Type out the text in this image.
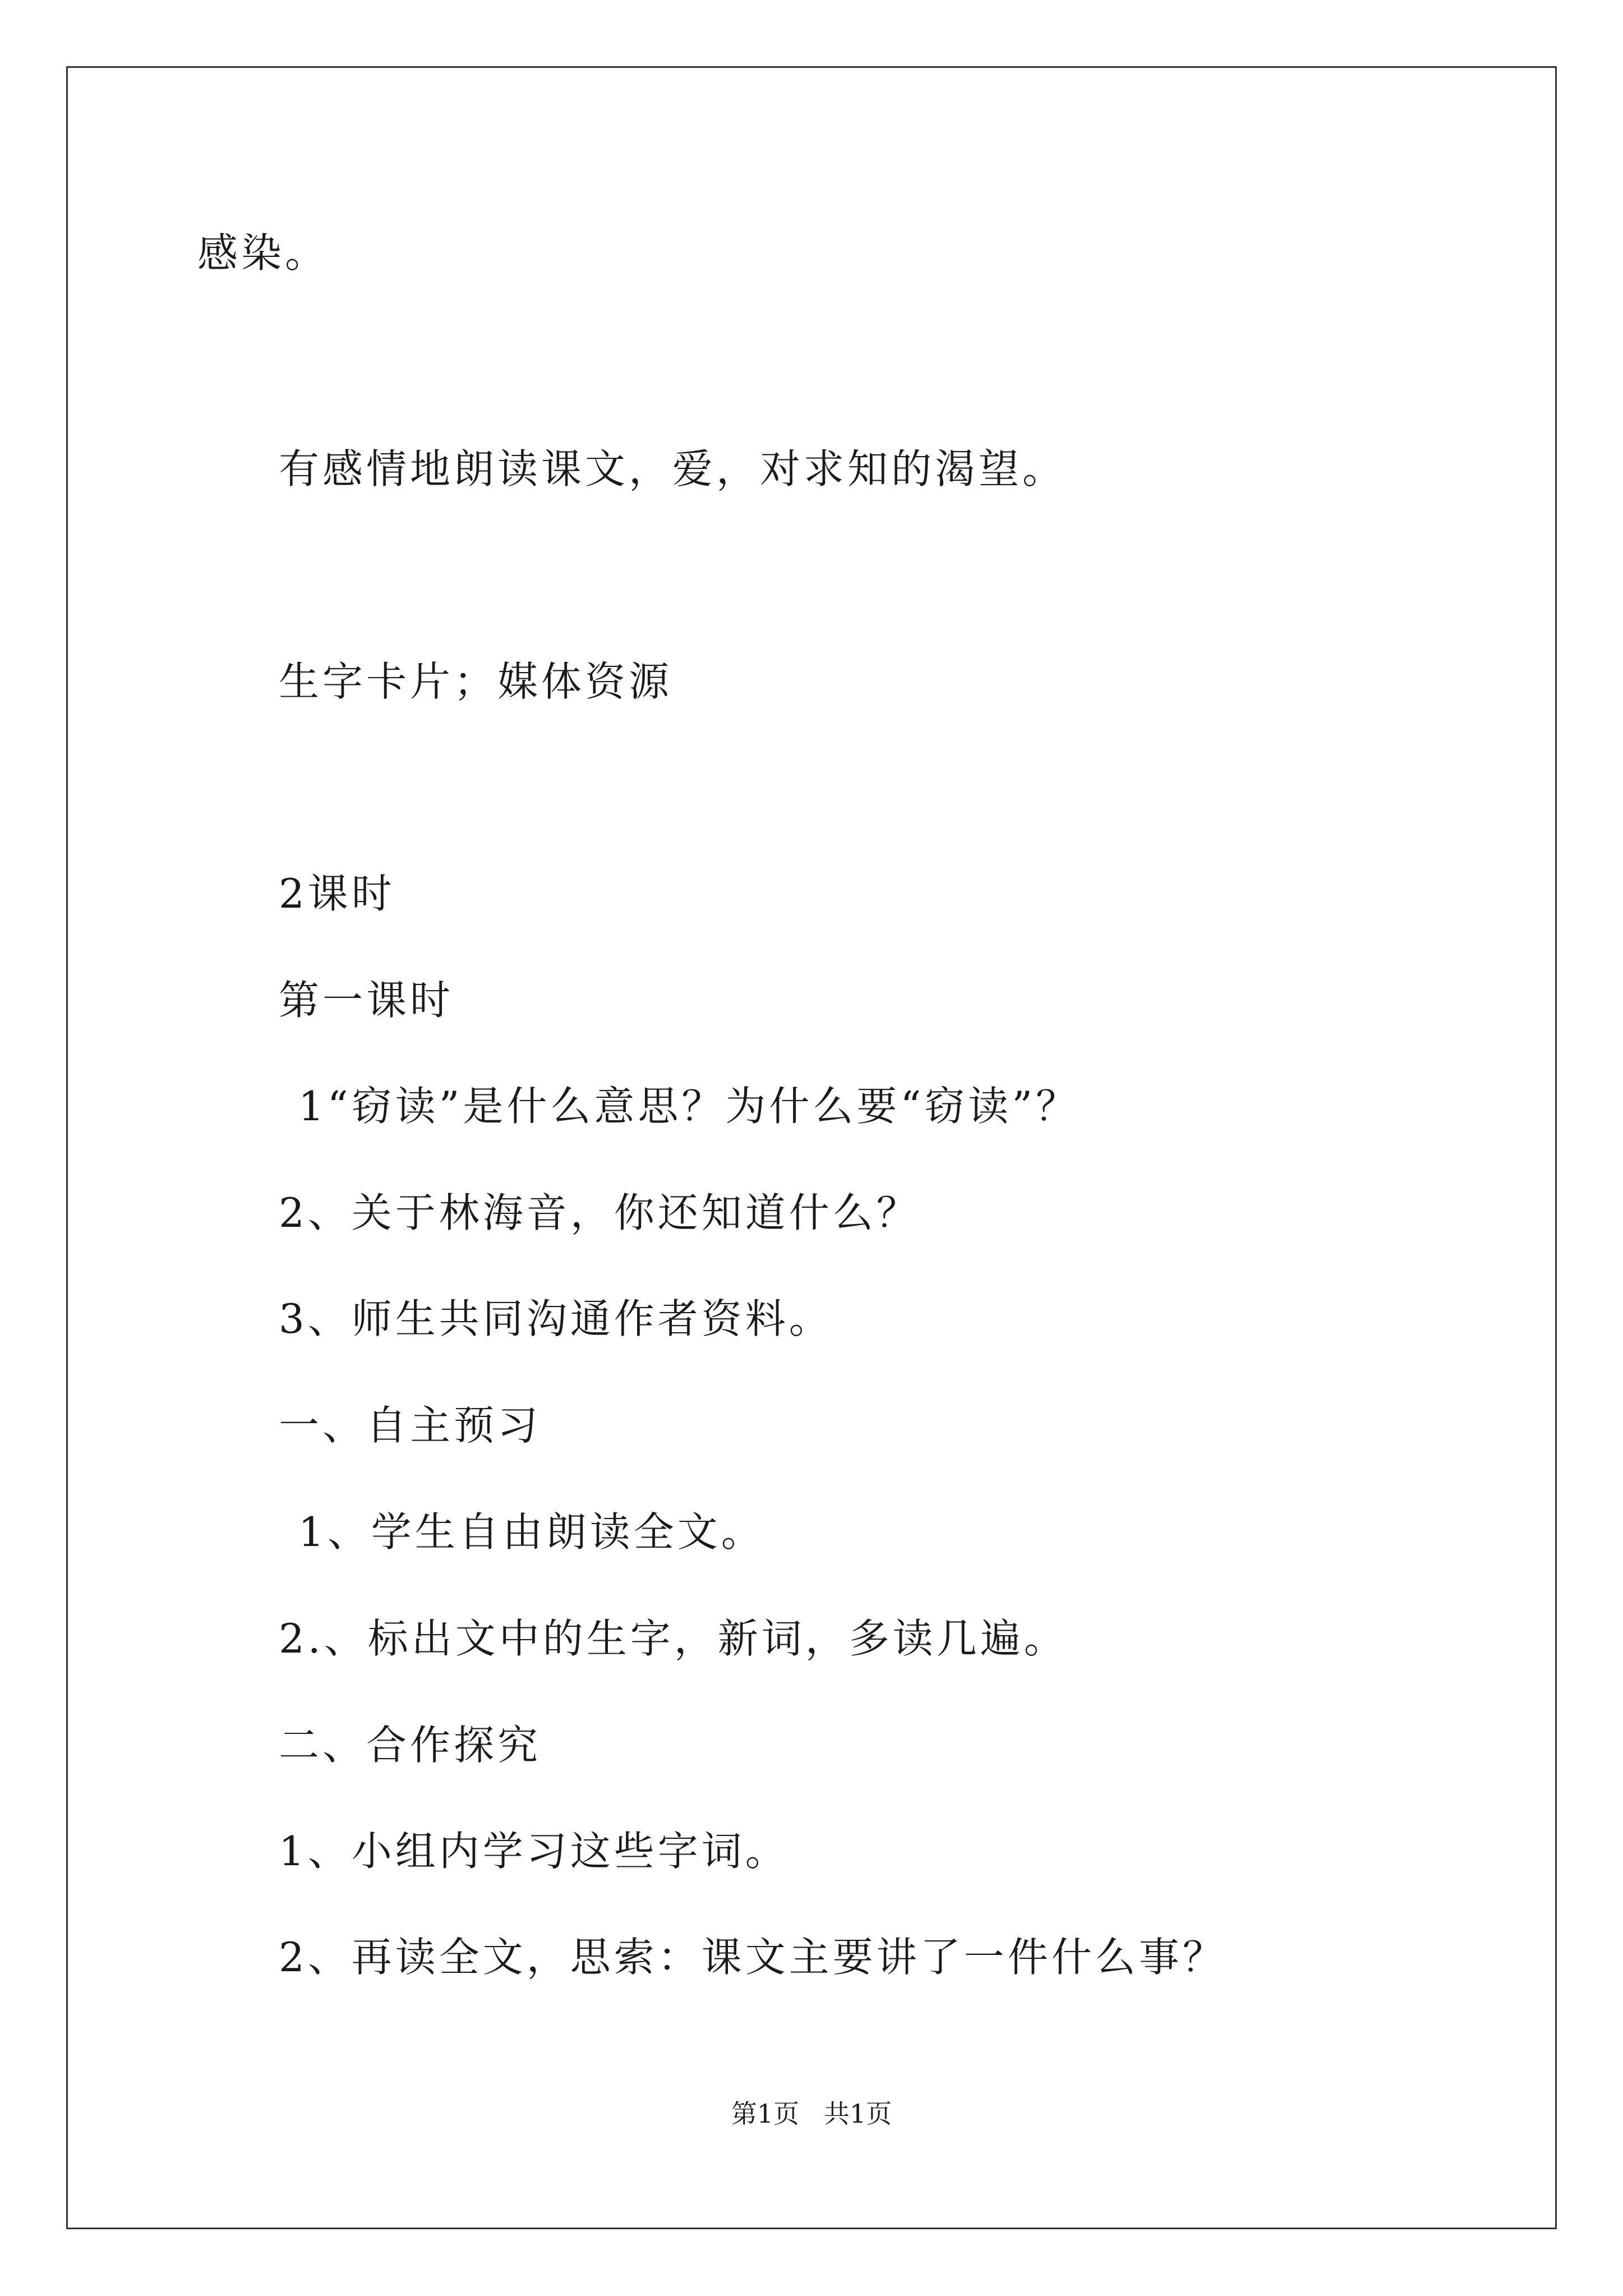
感染。
有感情地朗读课文，爱，对求知的渴望。
生字卡片；媒体资源
2课时
第一课时
1“窃读”是什么意思？为什么要“窃读”？
2、关于林海音，你还知道什么？
3、师生共同沟通作者资料。
一、自主预习
1、学生自由朗读全文。
2.、标出文中的生字，新词，多读几遍。
二、合作探究
1、小组内学习这些字词。
2、再读全文，思索：课文主要讲了一件什么事？
第1页   共1页
